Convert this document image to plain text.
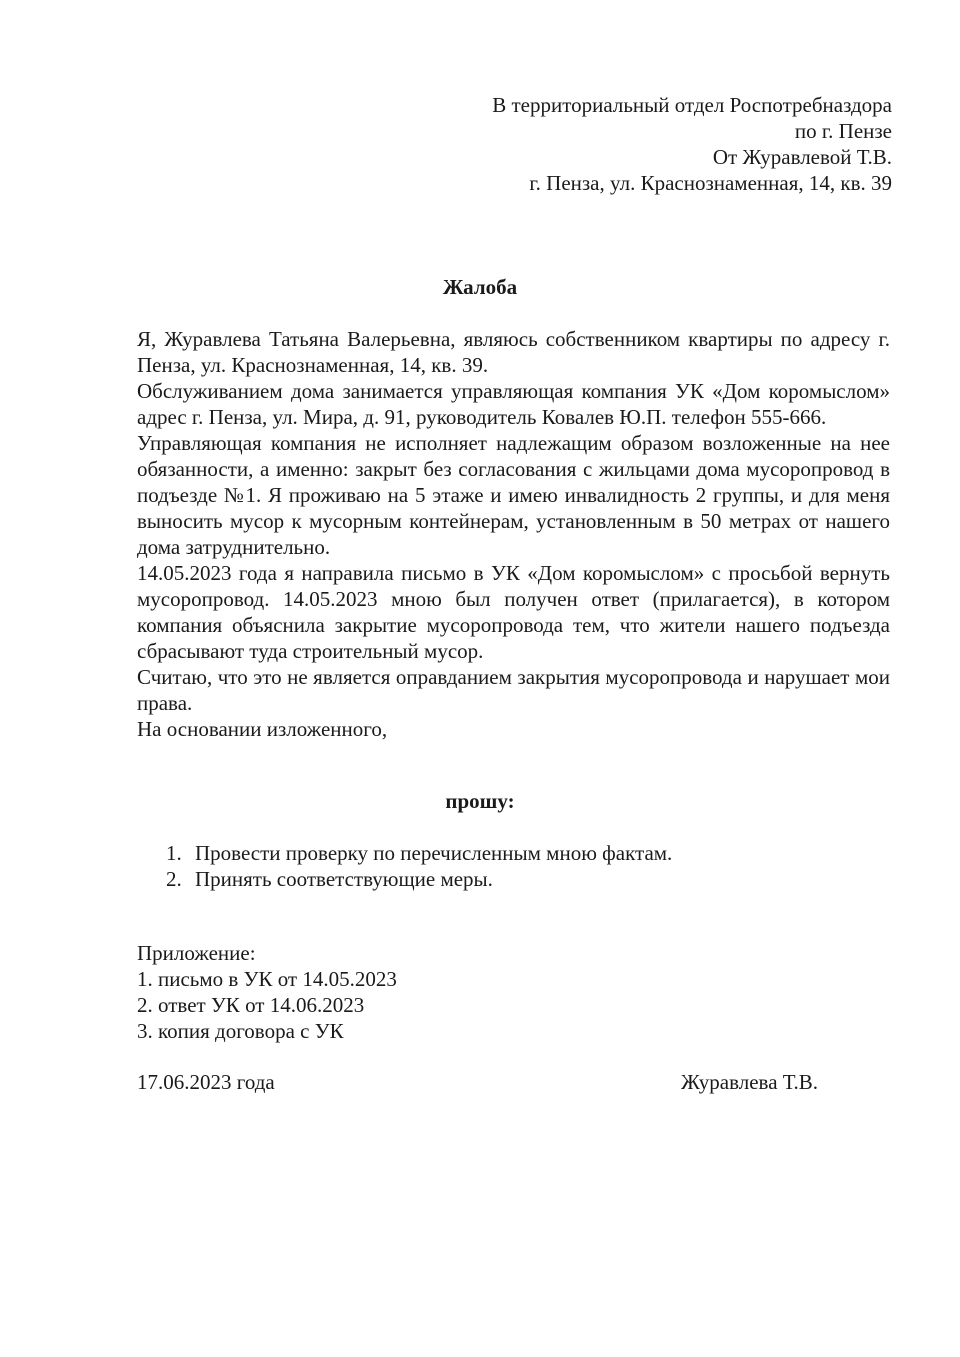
В территориальный отдел Роспотребназдора
по г. Пензе
От Журавлевой Т.В.
г. Пенза, ул. Краснознаменная, 14, кв. 39
Жалоба

Я, Журавлева Татьяна Валерьевна, являюсь собственником квартиры по адресу г. Пенза, ул. Краснознаменная, 14, кв. 39.

Обслуживанием дома занимается управляющая компания УК «Дом коромыслом» адрес г. Пенза, ул. Мира, д. 91, руководитель Ковалев Ю.П. телефон 555-666.

Управляющая компания не исполняет надлежащим образом возложенные на нее обязанности, а именно: закрыт без согласования с жильцами дома мусоропровод в подъезде №1. Я проживаю на 5 этаже и имею инвалидность 2 группы, и для меня выносить мусор к мусорным контейнерам, установленным в 50 метрах от нашего дома затруднительно.

14.05.2023 года я направила письмо в УК «Дом коромыслом» с просьбой вернуть мусоропровод. 14.05.2023 мною был получен ответ (прилагается), в котором компания объяснила закрытие мусоропровода тем, что жители нашего подъезда сбрасывают туда строительный мусор.

Считаю, что это не является оправданием закрытия мусоропровода и нарушает мои права.

На основании изложенного,

прошу:
1. Провести проверку по перечисленным мною фактам.
2. Принять соответствующие меры.
Приложение:
1. письмо в УК от 14.05.2023
2. ответ УК от 14.06.2023
3. копия договора с УК
17.06.2023 года	Журавлева Т.В.
